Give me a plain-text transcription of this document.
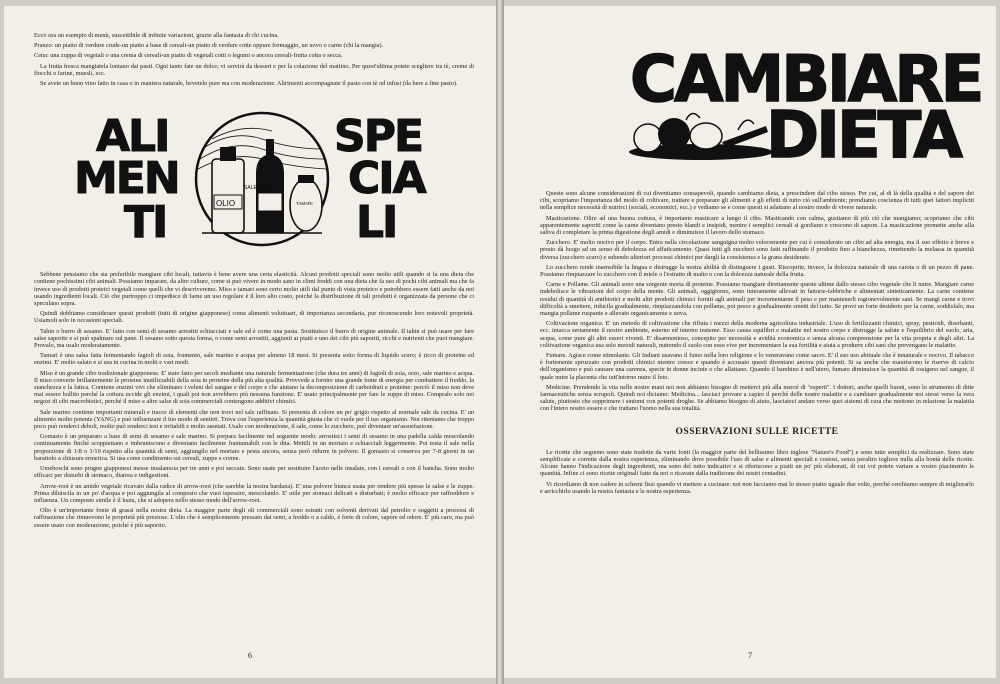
Ecco ora un esempio di menù, suscettibile di infinite variazioni, grazie alla fantasia di chi cucina.

Pranzo: un piatto di verdure crude-un piatto a base di cereali-un piatto di verdure cotte oppure formaggio, un uovo o carne (chi la mangia).

Cena: una zuppa di vegetali o una crema di cereali-un piatto di vegetali cotti o legumi o ancora cereali-frutta cotta o secca.

La frutta fresca mangiatela lontano dai pasti. Ogni tanto fate un dolce; vi servirà da dessert e per la colazione del mattino. Per quest'ultima potete scegliere tra tè, creme di fiocchi o farine, muesli, ecc.

Se avete un buon vino fatto in casa o in maniera naturale, bevetelo pure ma con moderazione. Altrimenti accompagnate il pasto con tè od infusi (da bere a fine pasto).

ALI
MEN
TI
SPE
CIA
LI
OLIO
SALE MARINO
TAMARI

Sebbene pensiamo che sia preferibile mangiare cibi locali, tuttavia è bene avere una certa elasticità. Alcuni prodotti speciali sono molto utili quando si fa una dieta che contiene pochissimi cibi animali. Possiamo imparare, da altre culture, come si può vivere in modo sano in climi freddi con una dieta che fa uso di pochi cibi animali ma che fa invece uso di prodotti proteici vegetali come quelli che vi descriveremo. Miso e tamari sono certo molto utili dal punto di vista proteico e potrebbero essere fatti anche da noi usando ingredienti locali. Ciò che purtroppo ci impedisce di farne un uso regolare è il loro alto costo, poiché la distribuzione di tali prodotti è organizzata da persone che ci speculano sopra.

Quindi dobbiamo considerare questi prodotti (tutti di origine giapponese) come alimenti voluttuari, di importanza secondaria, pur riconoscendo loro notevoli proprietà. Usiamoli solo in occasioni speciali.

Tahin o burro di sesamo. E' fatto con semi di sesamo arrostiti schiacciati e sale ed è come una pasta. Sostituisce il burro di origine animale. Il tahin si può usare per fare salse saporite e si può spalmare sul pane. Il sesamo sotto questa forma, o come semi arrostiti, aggiunti ai piatti e uno dei cibi più saporiti, ricchi e nutrienti che puoi mangiare. Provalo, ma usalo moderatamente.

Tamari è una salsa fatta fermentando fagioli di soia, frumento, sale marino e acqua per almeno 18 mesi. Si presenta sotto forma di liquido scuro; è ricco di proteine ed enzimi. E' molto salato e si usa in cucina in molti e vari modi.

Miso è un grande cibo tradizionale giapponese. E' stato fatto per secoli mediante una naturale fermentazione (che dura tre anni) di fagioli di soia, orzo, sale marino e acqua. Il miso converte brillantemente le proteine inutilizzabili della soia in proteine della più alta qualità. Provvede a fornire una grande fonte di energia per combattere il freddo, la stanchezza e la fatica. Contiene enzimi vivi che eliminano i veleni del sangue e del corpo e che aiutano la decomposizione di carboidrati e proteine: perciò il miso non deve mai essere bollito perché la cottura uccide gli enzimi, i quali poi non avrebbero più nessuna funzione. E' usato principalmente per fare le zuppe di miso. Compralo solo nei negozi di cibi macrobiotici, perché il miso e altre salse di soia commerciali contengono additivi chimici.

Sale marino contiene importanti minerali e tracce di elementi che non trovi nel sale raffinato. Si presenta di colore un po' grigio rispetto al normale sale da cucina. E' un alimento molto potente (YANG) e può influenzare il tuo modo di sentirti. Trova con l'esperienza la quantità giusta che ci vuole per il tuo organismo. Noi riteniamo che troppo poco può renderci deboli, molto può renderci tesi e irritabili e molto assetati. Usalo con moderazione, il sale, come lo zucchero, può diventare un'assuefazione.

Gomasio è un preparato a base di semi di sesamo e sale marino. Si prepara facilmente nel seguente modo: arrostisci i semi di sesamo in una padella calda mescolando continuamente finché scoppiettano e imbruniscono e diventano facilmente frantumabili con le dita. Mettili in un mortaio e schiacciali leggermente. Poi tosta il sale nella proporzione di 1/8 o 1/10 rispetto alla quantità di semi, aggiungilo nel mortaio e pesta ancora, senza però ridurre in polvere. Il gomasio si conserva per 7-8 giorni in un barattolo a chiusura ermetica. Si usa come condimento sui cereali, zuppe e creme.

Umeboschi sono prugne giapponesi messe insalamoia per tre anni e poi seccate. Sono usate per sostituire l'aceto nelle insalate, con i cereali o con il bancha. Sono molto efficaci per disturbi di stomaco, diarrea e indigestioni.

Arrow-root è un amido vegetale ricavato dalla radice di arrow-root (che sarebbe la nostra bardana). E' una polvere bianca usata per rendere più spesse le salse e le zuppe. Prima diluiscila in un po' d'acqua e poi aggiungila al composto che vuoi ispessire, mescolando. E' utile per stomaci delicati e disturbati; è molto efficace per raffreddore e influenza. Un composto simile è il kuzu, che si adopera nello stesso modo dell'arrow-root.

Olio è un'importante fonte di grassi nella nostra dieta. La maggior parte degli oli commerciali sono estratti con solventi derivati dal petrolio e soggetti a processi di raffinazione che rimuovono le proprietà più preziose. L'olio che è semplicemente pressato dai semi, a freddo o a caldo, è forte di colore, sapore ed odore. E' più caro, ma può essere usato con moderazione, poiché è più saporito.

6
CAMBIARE
DIETA

Queste sono alcune considerazioni di cui diventiamo consapevoli, quando cambiamo dieta, a prescindere dal cibo stesso. Per cui, al di là della qualità e del sapore dei cibi, scopriamo l'importanza del modo di coltivare, trattare e preparare gli alimenti e gli effetti di tutto ciò sull'ambiente; prendiamo coscienza di tutti quei fattori impliciti nella semplice necessità di nutrirci (sociali, economici, ecc.) e vediamo se e come questi si adattano al nostro modo di vivere naturale.

Masticazione. Oltre ad una buona cottura, è importante masticare a lungo il cibo. Masticando con calma, gustiamo di più ciò che mangiamo; scopriamo che cibi apparentemente saporiti come la carne diventano presto blandi e insipidi, mentre i semplici cereali si gonfiano e crescono di sapore. La masticazione permette anche alla saliva di completare la prima digestione degli amidi e diminuisce il lavoro dello stomaco.

Zucchero. E' molto nocivo per il corpo. Entra nella circolazione sanguigna molto velocemente per cui è considerato un cibo ad alta energia, ma il suo effetto è breve e presto dà luogo ad un senso di debolezza ed affaticamento. Quasi tutti gli zuccheri sono fatti raffinando il prodotto fino a bianchezza, rimettendo la melassa in quantità diversa (zucchero scuro) e subendo ulteriori processi chimici per dargli la consistenza e la grana desiderate.

Lo zucchero rende insensibile la lingua e distrugge la nostra abilità di distinguere i gusti. Riscoprite, invece, la dolcezza naturale di una carota o di un pezzo di pane. Possiamo rimpiazzare lo zucchero con il miele o l'estratto di malto o con la dolcezza naturale della frutta.

Carne e Pollame. Gli animali sono una sorgente morta di proteine. Possiamo mangiare direttamente queste ultime dallo stesso cibo vegetale che li nutre. Mangiare carne indebolisce le vibrazioni del corpo della mente. Gli animali, oggigiorno, sono interamente allevati in fattorie-fabbriche e alimentati sinteticamente. La carne contiene residui di quantità di antibiotici e molti altri prodotti chimici forniti agli animali per incrementarne il peso e per mantenerli ragionevolmente sani. Se mangi carne e trovi difficoltà a smettere, riducila gradualmente, rimpiazzandola con pollame, poi pesce e gradualmente smetti del tutto. Se provi un forte desiderio per la carne, soddisfalo, ma mangia pollame ruspante e allevato organicamente e uova.

Coltivazione organica. E' un metodo di coltivazione che rifiuta i mezzi della moderna agricoltura industriale. L'uso di fertilizzanti chimici, spray, pesticidi, diserbanti, ecc. intacca seriamente il nostro ambiente, esterno ed interno insieme. Esso causa squilibri e malattie nel nostro corpo e distrugge la salute e l'equilibrio del suolo, aria, acqua, come pure gli altri esseri viventi. E' disarmonioso, concepito per necessità e avidità economica e senza alcuna comprensione per la vita propria e degli altri. La coltivazione organica usa solo metodi naturali, nutrendo il suolo con esso vive per incrementare la sua fertilità e aiuta a produrre cibi sani che prevengano le malattie.

Fumare. Agisce come stimolante. Gli Indiani usavano il fumo nella loro religione e lo veneravano come sacro. E' il suo uso abituale che è innaturale e nocivo. Il tabacco è fortemente spruzzato con prodotti chimici mentre cresce e quando è accusato questi diventano ancora più potenti. Si sa anche che esauriscono le riserve di calcio dell'organismo e può causare una carenza, specie in donne incinte o che allattano. Quando il bambino è nell'utero, fumare diminuisce la quantità di ossigeno nel sangue, il quale nutre la placenta che tutt'intorno nutre il feto.

Medicine. Prendendo la vita nelle nostre mani noi non abbiamo bisogno di metterci più alla mercé di "esperti". I dottori, anche quelli buoni, sono lo strumento di ditte farmaceutiche senza scrupoli. Quindi noi diciamo: Medicina... lasciaci provare a capire il perché delle nostre malattie e a cambiare gradualmente noi stessi verso la vera salute, piuttosto che sopprimere i sintomi con potenti droghe. Se abbiamo bisogno di aiuto, lasciateci andare verso quei sistemi di cura che mettono in relazione la malattia con l'intero nostro essere e che trattano l'uomo nella sua totalità.

OSSERVAZIONI SULLE RICETTE

Le ricette che seguono sono state tradotte da varie fonti (la maggior parte del bellissimo libro inglese "Nature's Food") e sono tutte semplici da realizzare. Sono state semplificate e corrette dalla nostra esperienza, eliminando dove possibile l'uso di salse e alimenti speciali e costosi, senza peraltro togliere nulla alla bontà delle ricette. Alcune hanno l'indicazione degli ingredienti, ma sono del tutto indicativi e si riferiscono a piatti un po' più elaborati, di cui voi potete variare a vostro piacimento le quantità. Infine ci sono ricette originali fatte da noi o ricavate dalla tradizione dei nostri contadini.

Vi ricordiamo di non cadere in schemi fissi quando vi mettere a cucinare: noi non facciamo mai lo stesso piatto uguale due volte, perché cerchiamo sempre di migliorarlo e arricchirlo usando la nostra fantasia e la nostra esperienza.

7
